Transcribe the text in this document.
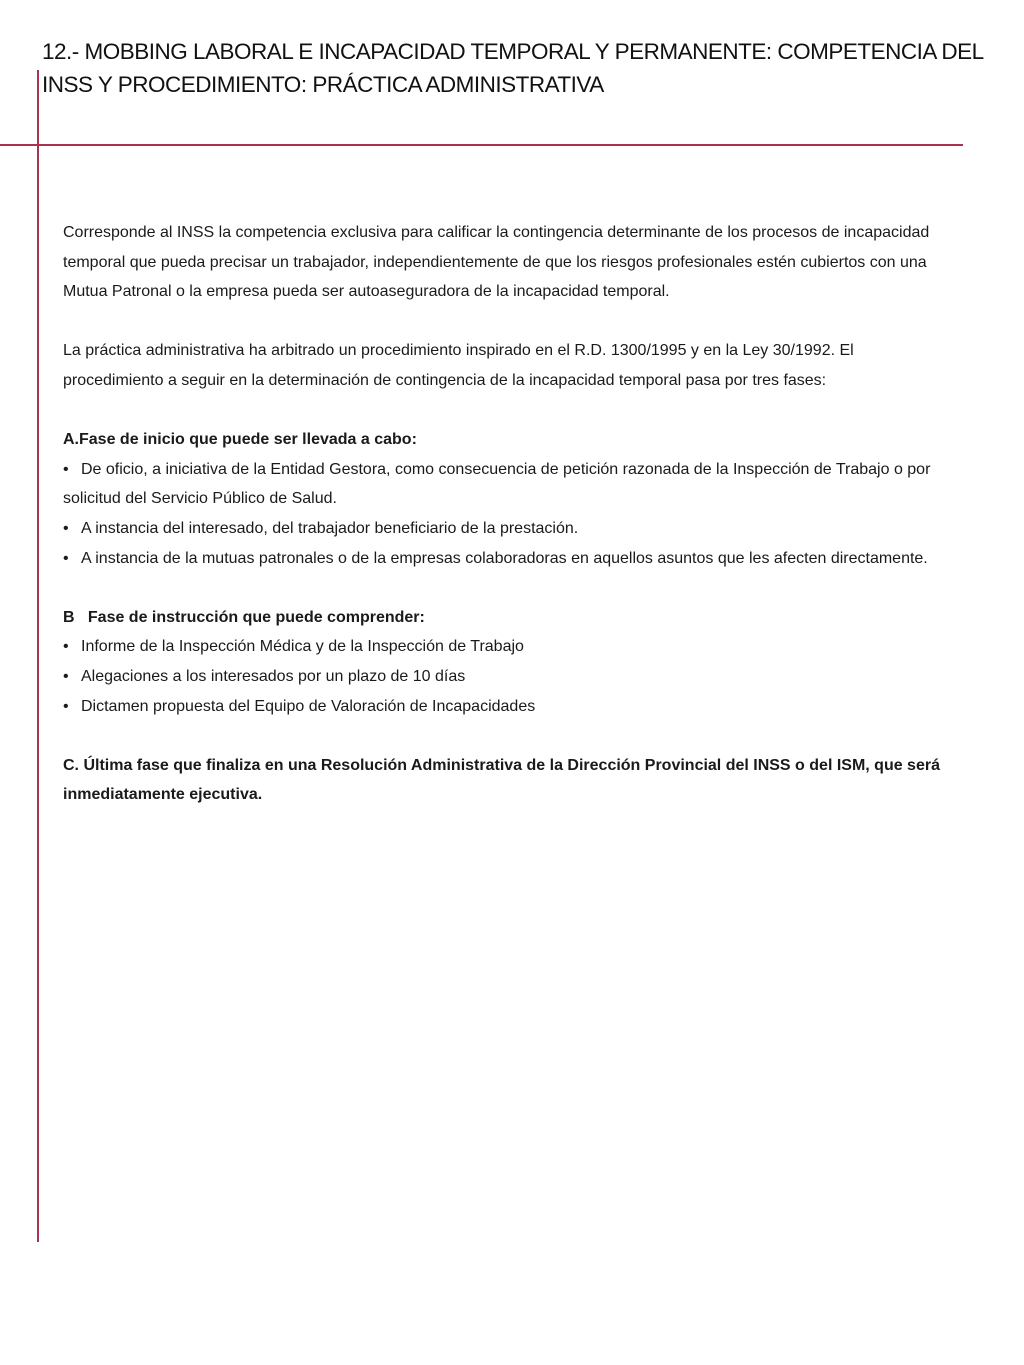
12.- MOBBING LABORAL E INCAPACIDAD TEMPORAL Y PERMANENTE: COMPETENCIA DEL INSS Y PROCEDIMIENTO: PRÁCTICA ADMINISTRATIVA

Corresponde al INSS la competencia exclusiva para calificar la contingencia determinante de los procesos de incapacidad temporal que pueda precisar un trabajador, independientemente de que los riesgos profesionales estén cubiertos con una Mutua Patronal o la empresa pueda ser autoaseguradora de la incapacidad temporal.

La práctica administrativa ha arbitrado un procedimiento inspirado en el R.D. 1300/1995 y en la Ley 30/1992. El procedimiento a seguir en la determinación de contingencia de la incapacidad temporal pasa por tres fases:

A.Fase de inicio que puede ser llevada a cabo:

• De oficio, a iniciativa de la Entidad Gestora, como consecuencia de petición razonada de la Inspección de Trabajo o por solicitud del Servicio Público de Salud.

• A instancia del interesado, del trabajador beneficiario de la prestación.

• A instancia de la mutuas patronales o de la empresas colaboradoras en aquellos asuntos que les afecten directamente.

B   Fase de instrucción que puede comprender:

• Informe de la Inspección Médica y de la Inspección de Trabajo

• Alegaciones a los interesados por un plazo de 10 días

• Dictamen propuesta del Equipo de Valoración de Incapacidades

C. Última fase que finaliza en una Resolución Administrativa de la Dirección Provincial del INSS o del ISM, que será inmediatamente ejecutiva.
